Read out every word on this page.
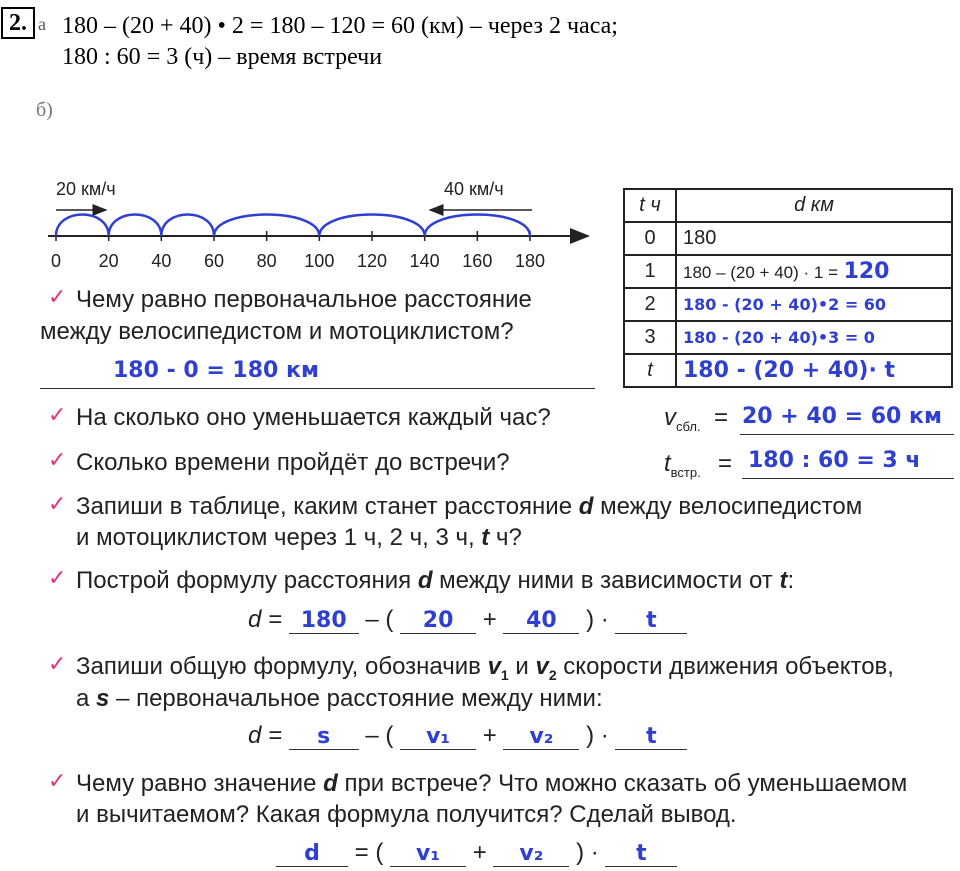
2. а 180 – (20 + 40) • 2 = 180 – 120 = 60 (км) – через 2 часа;
180 : 60 = 3 (ч) – время встречи
б)
20 км/ч	40 км/ч
0 20 40 60 80 100 120 140 160 180
t ч	d км
0	180
1	180 – (20 + 40) · 1 = 120
2	180 - (20 + 40)•2 = 60
3	180 - (20 + 40)•3 = 0
t	180 - (20 + 40)· t
✓ Чему равно первоначальное расстояние
между велосипедистом и мотоциклистом?
180 - 0 = 180 км
✓ На сколько оно уменьшается каждый час?	$v_{сбл.} = 20 + 40 = 60$ км
✓ Сколько времени пройдёт до встречи?	$t_{встр.} = 180$ : 60 = 3 ч
✓ Запиши в таблице, каким станет расстояние d между велосипедистом
и мотоциклистом через 1 ч, 2 ч, 3 ч, t ч?
✓ Построй формулу расстояния d между ними в зависимости от t:
d = 180 – ( 20 + 40 ) · t
✓ Запиши общую формулу, обозначив $v_1$ и $v_2$ скорости движения объектов,
а s – первоначальное расстояние между ними:
d = s – ( v₁ + v₂ ) · t
✓ Чему равно значение d при встрече? Что можно сказать об уменьшаемом
и вычитаемом? Какая формула получится? Сделай вывод.
d = ( v₁ + v₂ ) · t
